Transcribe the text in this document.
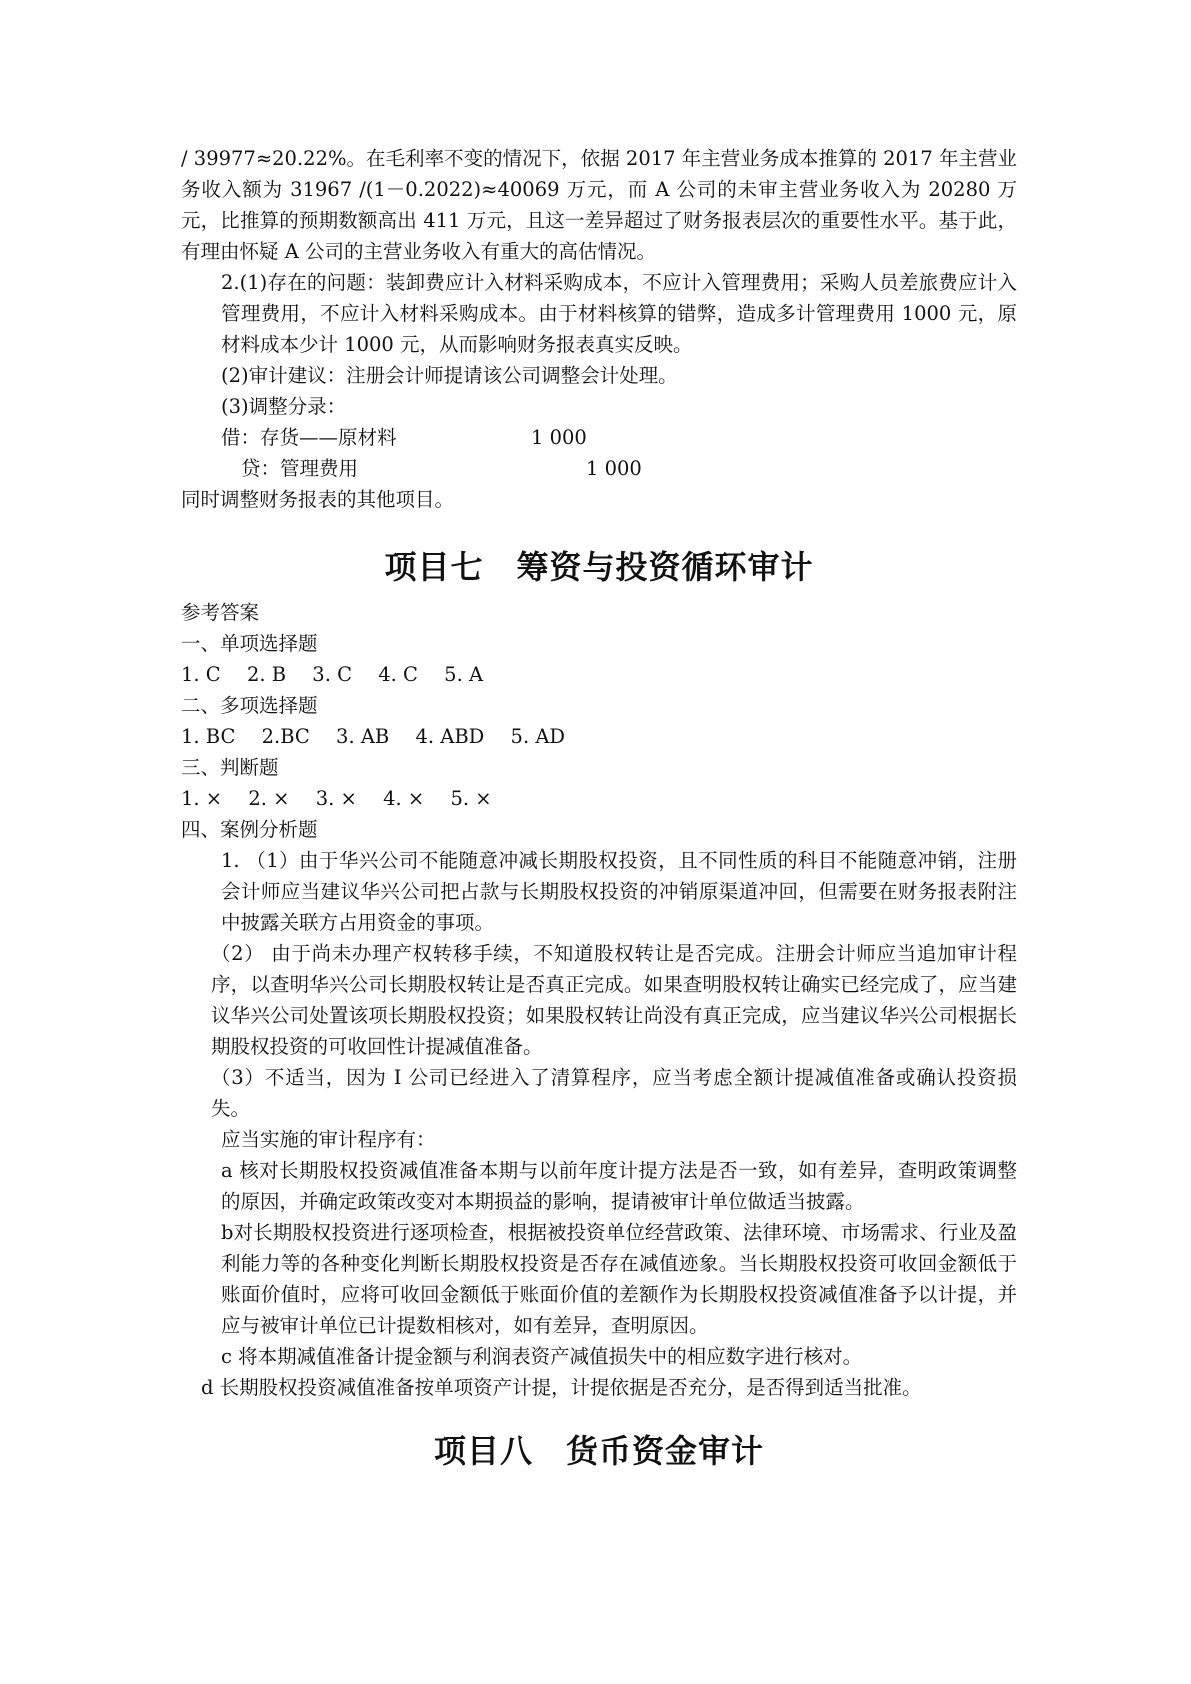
/ 39977≈20.22%。在毛利率不变的情况下，依据 2017 年主营业务成本推算的 2017 年主营业务收入额为 31967 /(1－0.2022)≈40069 万元，而 A 公司的未审主营业务收入为 20280 万元，比推算的预期数额高出 411 万元，且这一差异超过了财务报表层次的重要性水平。基于此，有理由怀疑 A 公司的主营业务收入有重大的高估情况。

2.(1)存在的问题：装卸费应计入材料采购成本，不应计入管理费用；采购人员差旅费应计入管理费用，不应计入材料采购成本。由于材料核算的错弊，造成多计管理费用 1000 元，原材料成本少计 1000 元，从而影响财务报表真实反映。

(2)审计建议：注册会计师提请该公司调整会计处理。

(3)调整分录：

借：存货——原材料	1 000
贷：管理费用	1 000

同时调整财务报表的其他项目。

项目七　筹资与投资循环审计

参考答案

一、单项选择题

1. C 2. B 3. C 4. C 5. A

二、多项选择题

1. BC 2.BC 3. AB 4. ABD 5. AD

三、判断题

1. × 2. × 3. × 4. × 5. ×

四、案例分析题

1. （1）由于华兴公司不能随意冲减长期股权投资，且不同性质的科目不能随意冲销，注册会计师应当建议华兴公司把占款与长期股权投资的冲销原渠道冲回，但需要在财务报表附注中披露关联方占用资金的事项。

（2） 由于尚未办理产权转移手续，不知道股权转让是否完成。注册会计师应当追加审计程序，以查明华兴公司长期股权转让是否真正完成。如果查明股权转让确实已经完成了，应当建议华兴公司处置该项长期股权投资；如果股权转让尚没有真正完成，应当建议华兴公司根据长期股权投资的可收回性计提减值准备。

（3）不适当，因为 I 公司已经进入了清算程序，应当考虑全额计提减值准备或确认投资损失。

应当实施的审计程序有：

a 核对长期股权投资减值准备本期与以前年度计提方法是否一致，如有差异，查明政策调整的原因，并确定政策改变对本期损益的影响，提请被审计单位做适当披露。

b对长期股权投资进行逐项检查，根据被投资单位经营政策、法律环境、市场需求、行业及盈利能力等的各种变化判断长期股权投资是否存在减值迹象。当长期股权投资可收回金额低于账面价值时，应将可收回金额低于账面价值的差额作为长期股权投资减值准备予以计提，并应与被审计单位已计提数相核对，如有差异，查明原因。

c 将本期减值准备计提金额与利润表资产减值损失中的相应数字进行核对。

d 长期股权投资减值准备按单项资产计提，计提依据是否充分，是否得到适当批准。

项目八　货币资金审计
